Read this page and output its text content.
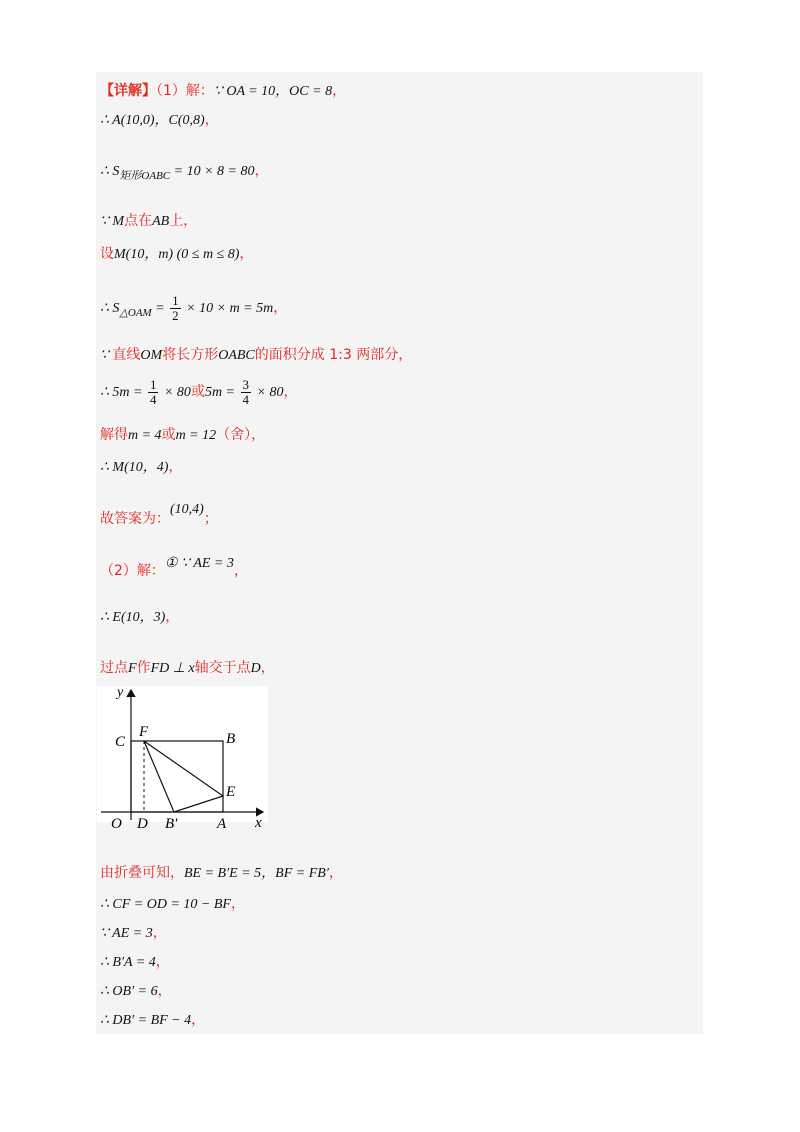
【详解】（1）解：∵ OA = 10，OC = 8，
∴ A(10,0)，C(0,8)，
∴ $S_{矩形OABC} = 10 \times 8 = 80$，
∵ M点在AB上，
设M(10，m) (0 ≤ m ≤ 8)，
∴ $S_{\triangle OAM} = \frac{1}{2} \times 10 \times m = 5m$，
∵ 直线OM将长方形OABC的面积分成 1:3 两部分，
∴ $5m = \frac{1}{4} \times 80$或$5m = \frac{3}{4} \times 80$，
解得m = 4或m = 12（舍），
∴ M(10，4)，
故答案为：(10,4)；
（2）解：① ∵ AE = 3，
∴ E(10，3)，
过点F作FD ⊥ x轴交于点D，
y
x
C
F	B
E
O D B′	A
由折叠可知，BE = B′E = 5，BF = FB′，
∴ CF = OD = 10 − BF，
∵ AE = 3，
∴ B′A = 4，
∴ OB′ = 6，
∴ DB′ = BF − 4，
